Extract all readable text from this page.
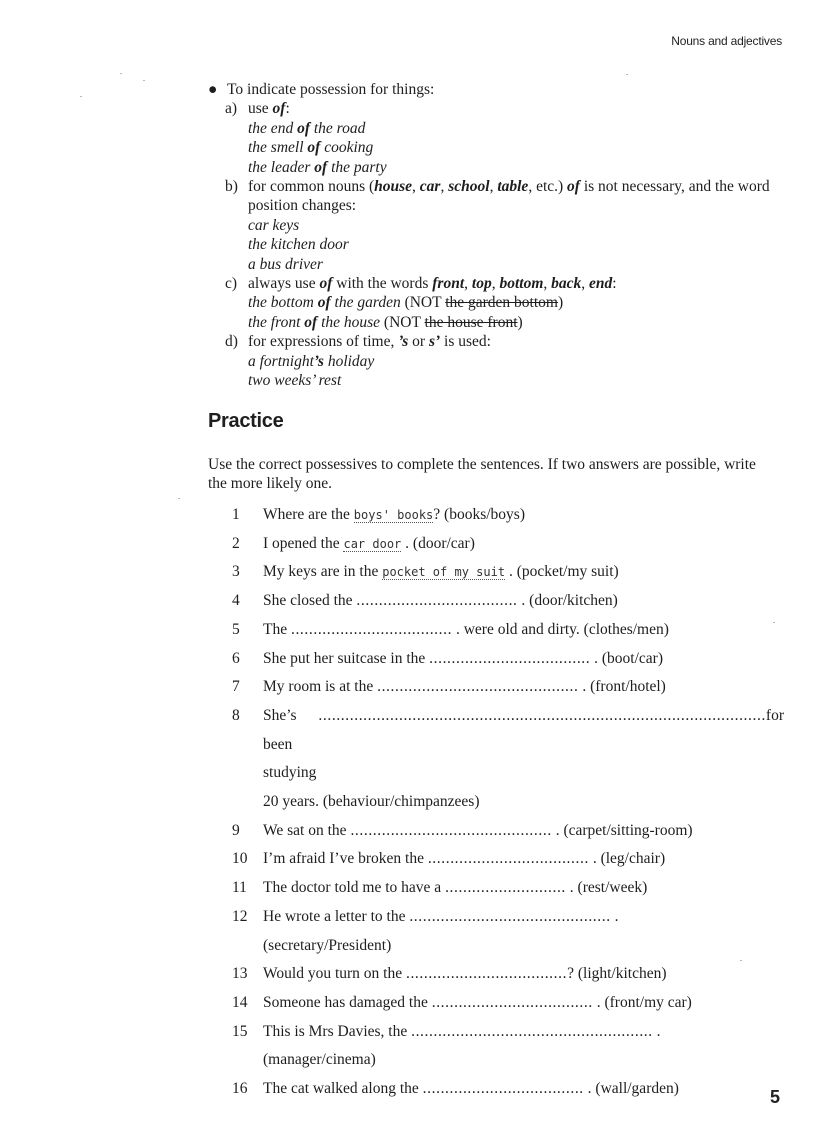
Nouns and adjectives
● To indicate possession for things:
a) use of:
the end of the road
the smell of cooking
the leader of the party
b) for common nouns (house, car, school, table, etc.) of is not necessary, and the word position changes:
car keys
the kitchen door
a bus driver
c) always use of with the words front, top, bottom, back, end:
the bottom of the garden (NOT the garden bottom)
the front of the house (NOT the house front)
d) for expressions of time, ’s or s’ is used:
a fortnight’s holiday
two weeks’ rest
Practice

Use the correct possessives to complete the sentences. If two answers are possible, write the more likely one.

1	Where are the boys' books? (books/boys)
2	I opened the car door . (door/car)
3	My keys are in the pocket of my suit . (pocket/my suit)
4	She closed the .................................... . (door/kitchen)
5	The .................................... . were old and dirty. (clothes/men)
6	She put her suitcase in the .................................... . (boot/car)
7	My room is at the ............................................. . (front/hotel)
8	She’s been studying
.................................................................................................... for
20 years. (behaviour/chimpanzees)
9	We sat on the ............................................. . (carpet/sitting-room)
10	I’m afraid I’ve broken the .................................... . (leg/chair)
11	The doctor told me to have a ........................... . (rest/week)
12	He wrote a letter to the ............................................. .
(secretary/President)
13	Would you turn on the ....................................? (light/kitchen)
14	Someone has damaged the .................................... . (front/my car)
15	This is Mrs Davies, the ...................................................... .
(manager/cinema)
16	The cat walked along the .................................... . (wall/garden)	5
